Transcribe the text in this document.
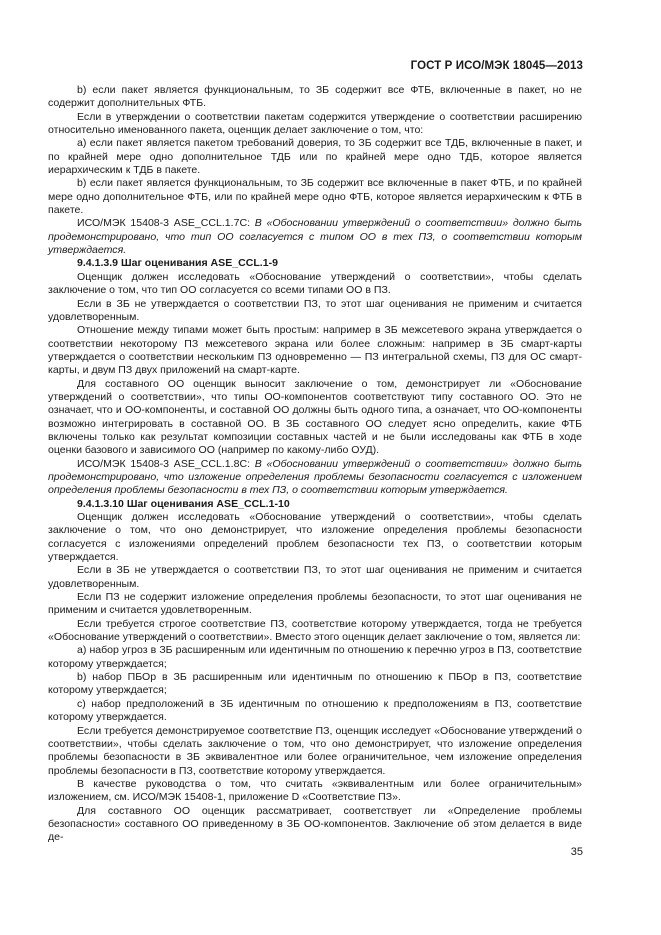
ГОСТ Р ИСО/МЭК 18045—2013

b) если пакет является функциональным, то ЗБ содержит все ФТБ, включенные в пакет, но не содержит дополнительных ФТБ.

Если в утверждении о соответствии пакетам содержится утверждение о соответствии расширению относительно именованного пакета, оценщик делает заключение о том, что:

a) если пакет является пакетом требований доверия, то ЗБ содержит все ТДБ, включенные в пакет, и по крайней мере одно дополнительное ТДБ или по крайней мере одно ТДБ, которое является иерархическим к ТДБ в пакете.

b) если пакет является функциональным, то ЗБ содержит все включенные в пакет ФТБ, и по крайней мере одно дополнительное ФТБ, или по крайней мере одно ФТБ, которое является иерархическим к ФТБ в пакете.

ИСО/МЭК 15408-3 ASE_CCL.1.7C: В «Обосновании утверждений о соответствии» должно быть продемонстрировано, что тип ОО согласуется с типом ОО в тех ПЗ, о соответствии которым утверждается.

9.4.1.3.9 Шаг оценивания ASE_CCL.1-9

Оценщик должен исследовать «Обоснование утверждений о соответствии», чтобы сделать заключение о том, что тип ОО согласуется со всеми типами ОО в ПЗ.

Если в ЗБ не утверждается о соответствии ПЗ, то этот шаг оценивания не применим и считается удовлетворенным.

Отношение между типами может быть простым: например в ЗБ межсетевого экрана утверждается о соответствии некоторому ПЗ межсетевого экрана или более сложным: например в ЗБ смарт-карты утверждается о соответствии нескольким ПЗ одновременно — ПЗ интегральной схемы, ПЗ для ОС смарт-карты, и двум ПЗ двух приложений на смарт-карте.

Для составного ОО оценщик выносит заключение о том, демонстрирует ли «Обоснование утверждений о соответствии», что типы ОО-компонентов соответствуют типу составного ОО. Это не означает, что и ОО-компоненты, и составной ОО должны быть одного типа, а означает, что ОО-компоненты возможно интегрировать в составной ОО. В ЗБ составного ОО следует ясно определить, какие ФТБ включены только как результат композиции составных частей и не были исследованы как ФТБ в ходе оценки базового и зависимого ОО (например по какому-либо ОУД).

ИСО/МЭК 15408-3 ASE_CCL.1.8C: В «Обосновании утверждений о соответствии» должно быть продемонстрировано, что изложение определения проблемы безопасности согласуется с изложением определения проблемы безопасности в тех ПЗ, о соответствии которым утверждается.

9.4.1.3.10 Шаг оценивания ASE_CCL.1-10

Оценщик должен исследовать «Обоснование утверждений о соответствии», чтобы сделать заключение о том, что оно демонстрирует, что изложение определения проблемы безопасности согласуется с изложениями определений проблем безопасности тех ПЗ, о соответствии которым утверждается.

Если в ЗБ не утверждается о соответствии ПЗ, то этот шаг оценивания не применим и считается удовлетворенным.

Если ПЗ не содержит изложение определения проблемы безопасности, то этот шаг оценивания не применим и считается удовлетворенным.

Если требуется строгое соответствие ПЗ, соответствие которому утверждается, тогда не требуется «Обоснование утверждений о соответствии». Вместо этого оценщик делает заключение о том, является ли:

a) набор угроз в ЗБ расширенным или идентичным по отношению к перечню угроз в ПЗ, соответствие которому утверждается;

b) набор ПБОр в ЗБ расширенным или идентичным по отношению к ПБОр в ПЗ, соответствие которому утверждается;

c) набор предположений в ЗБ идентичным по отношению к предположениям в ПЗ, соответствие которому утверждается.

Если требуется демонстрируемое соответствие ПЗ, оценщик исследует «Обоснование утверждений о соответствии», чтобы сделать заключение о том, что оно демонстрирует, что изложение определения проблемы безопасности в ЗБ эквивалентное или более ограничительное, чем изложение определения проблемы безопасности в ПЗ, соответствие которому утверждается.

В качестве руководства о том, что считать «эквивалентным или более ограничительным» изложением, см. ИСО/МЭК 15408-1, приложение D «Соответствие ПЗ».

Для составного ОО оценщик рассматривает, соответствует ли «Определение проблемы безопасности» составного ОО приведенному в ЗБ ОО-компонентов. Заключение об этом делается в виде де-

35
